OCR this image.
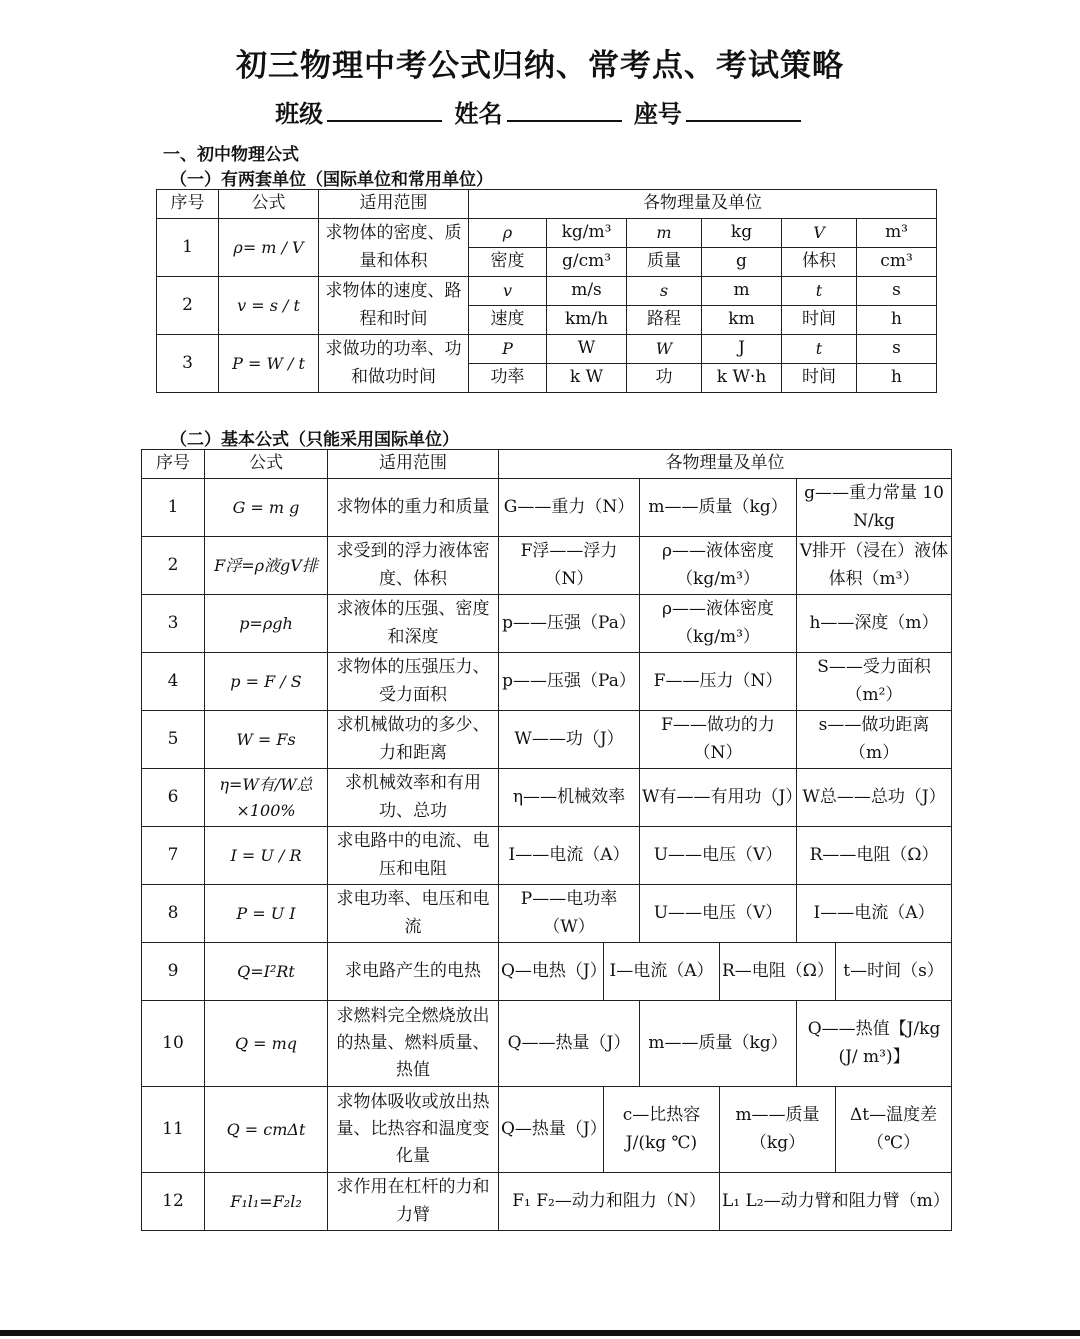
初三物理中考公式归纳、常考点、考试策略
班级	姓名	座号
一、初中物理公式
（一）有两套单位（国际单位和常用单位）
序号	公式	适用范围	各物理量及单位					
1	ρ= m / V	求物体的密度、质量和体积	ρ	kg/m³	m	kg	V	m³
			密度	g/cm³	质量	g	体积	cm³
2	v = s / t	求物体的速度、路程和时间	v	m/s	s	m	t	s
			速度	km/h	路程	km	时间	h
3	P = W / t	求做功的功率、功和做功时间	P	W	W	J	t	s
			功率	k W	功	k W·h	时间	h
（二）基本公式（只能采用国际单位）
序号	公式	适用范围	各物理量及单位					
1	G = m g	求物体的重力和质量	G——重力（N）		m——质量（kg）		g——重力常量 10 N/kg	
2	F浮=ρ液gV排	求受到的浮力液体密度、体积	F浮——浮力（N）		ρ——液体密度（kg/m³）		V排开（浸在）液体体积（m³）	
3	p=ρgh	求液体的压强、密度和深度	p——压强（Pa）		ρ——液体密度（kg/m³）		h——深度（m）	
4	p = F / S	求物体的压强压力、受力面积	p——压强（Pa）		F——压力（N）		S——受力面积（m²）	
5	W = Fs	求机械做功的多少、力和距离	W——功（J）		F——做功的力（N）		s——做功距离（m）	
6	η=W有/W总×100%	求机械效率和有用功、总功	η——机械效率		W有——有用功（J）		W总——总功（J）	
7	I = U / R	求电路中的电流、电压和电阻	I——电流（A）		U——电压（V）		R——电阻（Ω）	
8	P = U I	求电功率、电压和电流	P——电功率（W）		U——电压（V）		I——电流（A）	
9	Q=I²Rt	求电路产生的电热	Q—电热（J）	I—电流（A）		R—电阻（Ω）		t—时间（s）
10	Q = mq	求燃料完全燃烧放出的热量、燃料质量、热值	Q——热量（J）		m——质量（kg）		Q——热值【J/kg (J/ m³)】	
11	Q = cmΔt	求物体吸收或放出热量、比热容和温度变化量	Q—热量（J）	c—比热容 J/(kg ℃)		m——质量（kg）		Δt—温度差（℃）
12	F₁l₁=F₂l₂	求作用在杠杆的力和力臂	F₁ F₂—动力和阻力（N）			L₁ L₂—动力臂和阻力臂（m）		
